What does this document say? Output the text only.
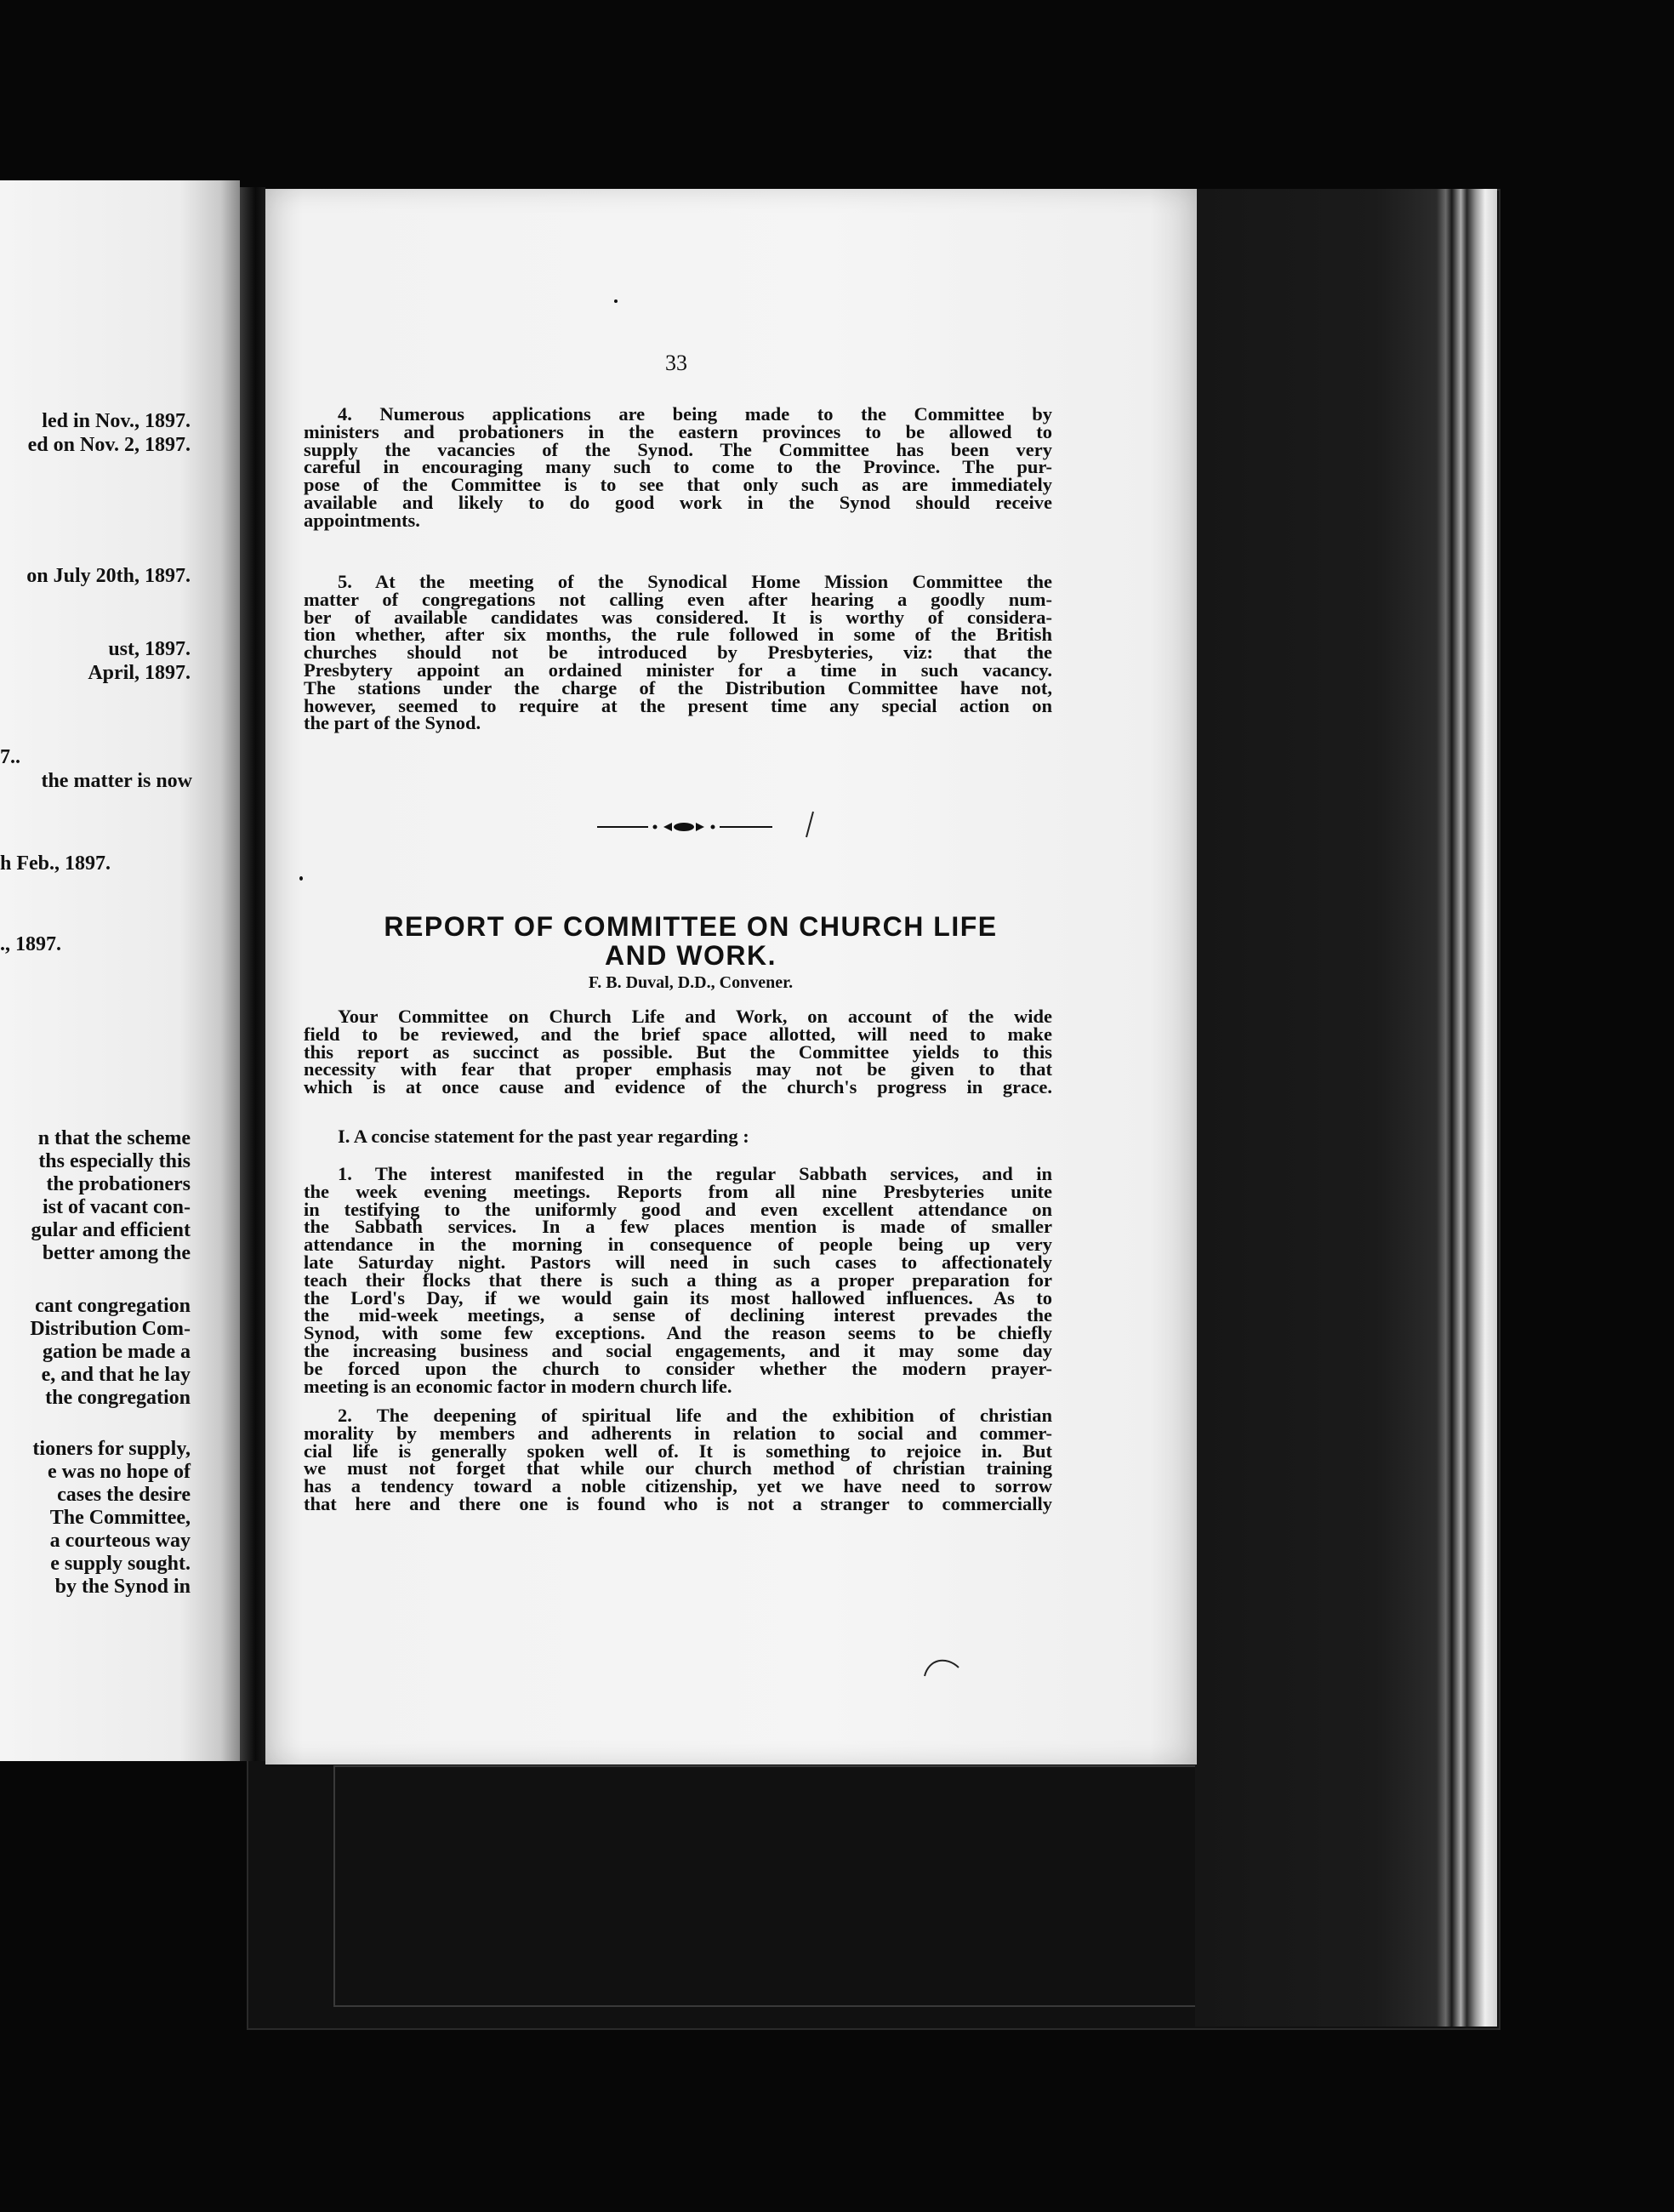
led in Nov., 1897.
ed on Nov. 2, 1897.
on July 20th, 1897.
ust, 1897.
April, 1897.
7..
the matter is now
h Feb., 1897.
., 1897.
n that the scheme
ths especially this
the probationers
ist of vacant con-
gular and efficient
better among the
cant congregation
Distribution Com-
gation be made a
e, and that he lay
the congregation
tioners for supply,
e was no hope of
cases the desire
The Committee,
a courteous way
e supply sought.
by the Synod in
33
4. Numerous applications are being made to the Committee by
ministers and probationers in the eastern provinces to be allowed to
supply the vacancies of the Synod. The Committee has been very
careful in encouraging many such to come to the Province. The pur-
pose of the Committee is to see that only such as are immediately
available and likely to do good work in the Synod should receive
appointments.
5. At the meeting of the Synodical Home Mission Committee the
matter of congregations not calling even after hearing a goodly num-
ber of available candidates was considered. It is worthy of considera-
tion whether, after six months, the rule followed in some of the British
churches should not be introduced by Presbyteries, viz: that the
Presbytery appoint an ordained minister for a time in such vacancy.
The stations under the charge of the Distribution Committee have not,
however, seemed to require at the present time any special action on
the part of the Synod.
REPORT OF COMMITTEE ON CHURCH LIFE
AND WORK.
F. B. Duval, D.D., Convener.
Your Committee on Church Life and Work, on account of the wide
field to be reviewed, and the brief space allotted, will need to make
this report as succinct as possible. But the Committee yields to this
necessity with fear that proper emphasis may not be given to that
which is at once cause and evidence of the church's progress in grace.
I. A concise statement for the past year regarding :
1. The interest manifested in the regular Sabbath services, and in
the week evening meetings. Reports from all nine Presbyteries unite
in testifying to the uniformly good and even excellent attendance on
the Sabbath services. In a few places mention is made of smaller
attendance in the morning in consequence of people being up very
late Saturday night. Pastors will need in such cases to affectionately
teach their flocks that there is such a thing as a proper preparation for
the Lord's Day, if we would gain its most hallowed influences. As to
the mid-week meetings, a sense of declining interest prevades the
Synod, with some few exceptions. And the reason seems to be chiefly
the increasing business and social engagements, and it may some day
be forced upon the church to consider whether the modern prayer-
meeting is an economic factor in modern church life.
2. The deepening of spiritual life and the exhibition of christian
morality by members and adherents in relation to social and commer-
cial life is generally spoken well of. It is something to rejoice in. But
we must not forget that while our church method of christian training
has a tendency toward a noble citizenship, yet we have need to sorrow
that here and there one is found who is not a stranger to commercially
